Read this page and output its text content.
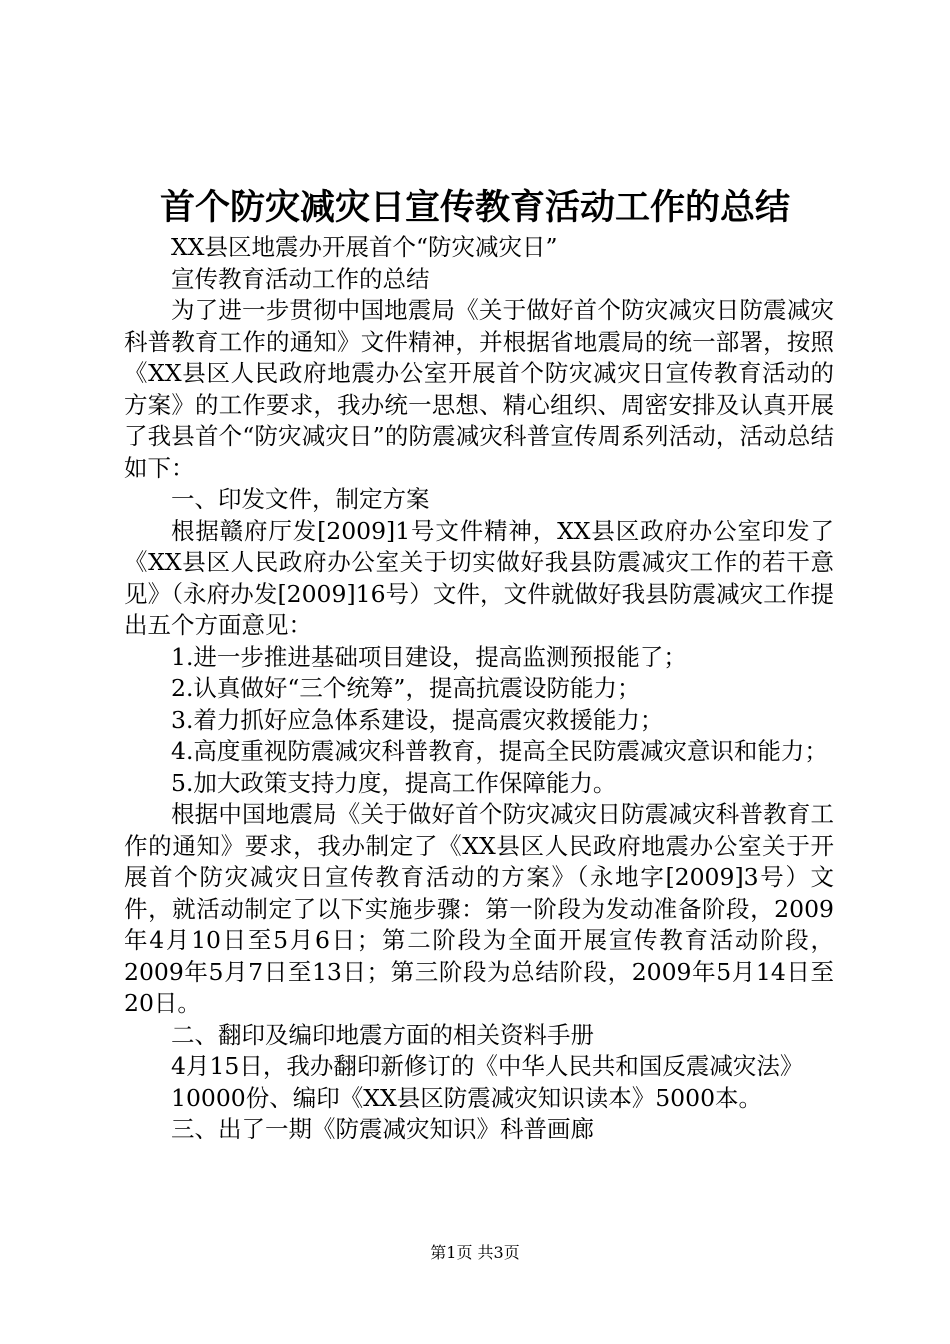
首个防灾减灾日宣传教育活动工作的总结

XX县区地震办开展首个“防灾减灾日”

宣传教育活动工作的总结

为了进一步贯彻中国地震局《关于做好首个防灾减灾日防震减灾科普教育工作的通知》文件精神，并根据省地震局的统一部署，按照《XX县区人民政府地震办公室开展首个防灾减灾日宣传教育活动的方案》的工作要求，我办统一思想、精心组织、周密安排及认真开展了我县首个“防灾减灾日”的防震减灾科普宣传周系列活动，活动总结如下：

一、印发文件，制定方案

根据赣府厅发[2009]1号文件精神，XX县区政府办公室印发了《XX县区人民政府办公室关于切实做好我县防震减灾工作的若干意见》（永府办发[2009]16号）文件，文件就做好我县防震减灾工作提出五个方面意见：

1.进一步推进基础项目建设，提高监测预报能了；

2.认真做好“三个统筹”，提高抗震设防能力；

3.着力抓好应急体系建设，提高震灾救援能力；

4.高度重视防震减灾科普教育，提高全民防震减灾意识和能力；

5.加大政策支持力度，提高工作保障能力。

根据中国地震局《关于做好首个防灾减灾日防震减灾科普教育工作的通知》要求，我办制定了《XX县区人民政府地震办公室关于开展首个防灾减灾日宣传教育活动的方案》（永地字[2009]3号）文件，就活动制定了以下实施步骤：第一阶段为发动准备阶段，2009年4月10日至5月6日；第二阶段为全面开展宣传教育活动阶段，2009年5月7日至13日；第三阶段为总结阶段，2009年5月14日至20日。

二、翻印及编印地震方面的相关资料手册

4月15日，我办翻印新修订的《中华人民共和国反震减灾法》

10000份、编印《XX县区防震减灾知识读本》5000本。

三、出了一期《防震减灾知识》科普画廊

第1页 共3页
